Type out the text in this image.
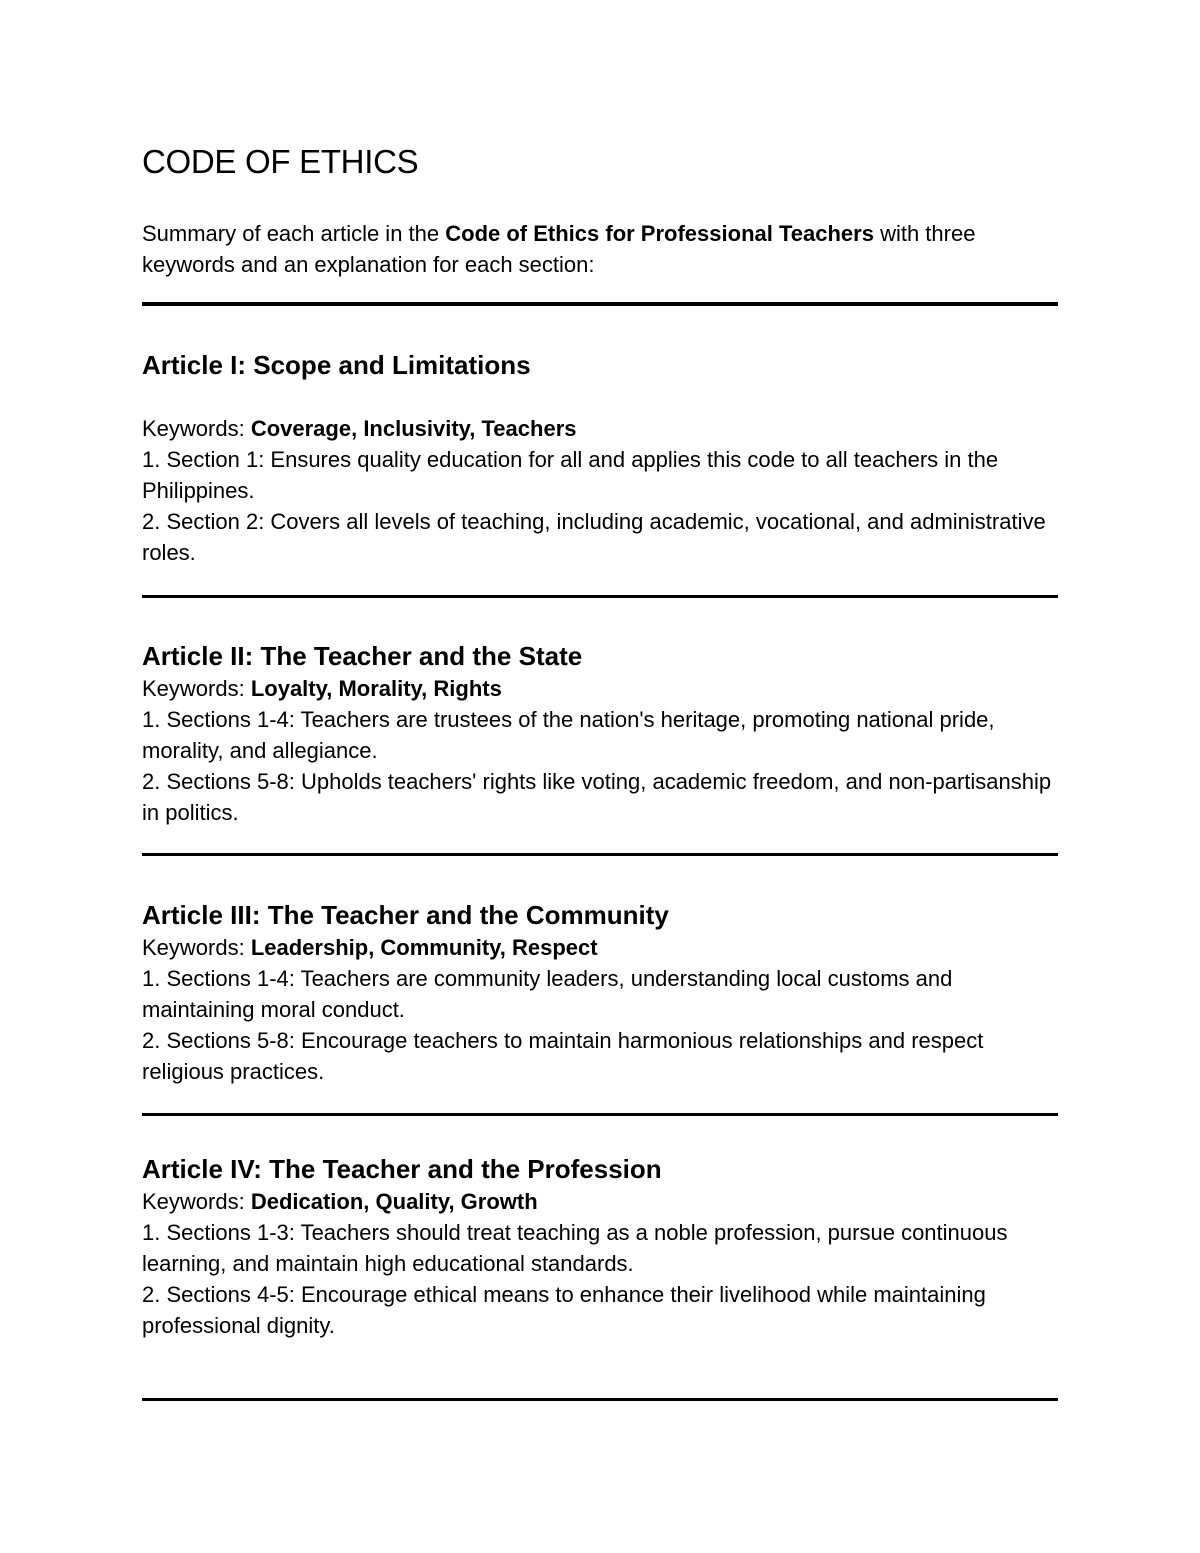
CODE OF ETHICS

Summary of each article in the Code of Ethics for Professional Teachers with three keywords and an explanation for each section:

Article I: Scope and Limitations

Keywords: Coverage, Inclusivity, Teachers

1. Section 1: Ensures quality education for all and applies this code to all teachers in the Philippines.

2. Section 2: Covers all levels of teaching, including academic, vocational, and administrative roles.

Article II: The Teacher and the State

Keywords: Loyalty, Morality, Rights

1. Sections 1-4: Teachers are trustees of the nation's heritage, promoting national pride, morality, and allegiance.

2. Sections 5-8: Upholds teachers' rights like voting, academic freedom, and non-partisanship in politics.

Article III: The Teacher and the Community

Keywords: Leadership, Community, Respect

1. Sections 1-4: Teachers are community leaders, understanding local customs and maintaining moral conduct.

2. Sections 5-8: Encourage teachers to maintain harmonious relationships and respect religious practices.

Article IV: The Teacher and the Profession

Keywords: Dedication, Quality, Growth

1. Sections 1-3: Teachers should treat teaching as a noble profession, pursue continuous learning, and maintain high educational standards.

2. Sections 4-5: Encourage ethical means to enhance their livelihood while maintaining professional dignity.
